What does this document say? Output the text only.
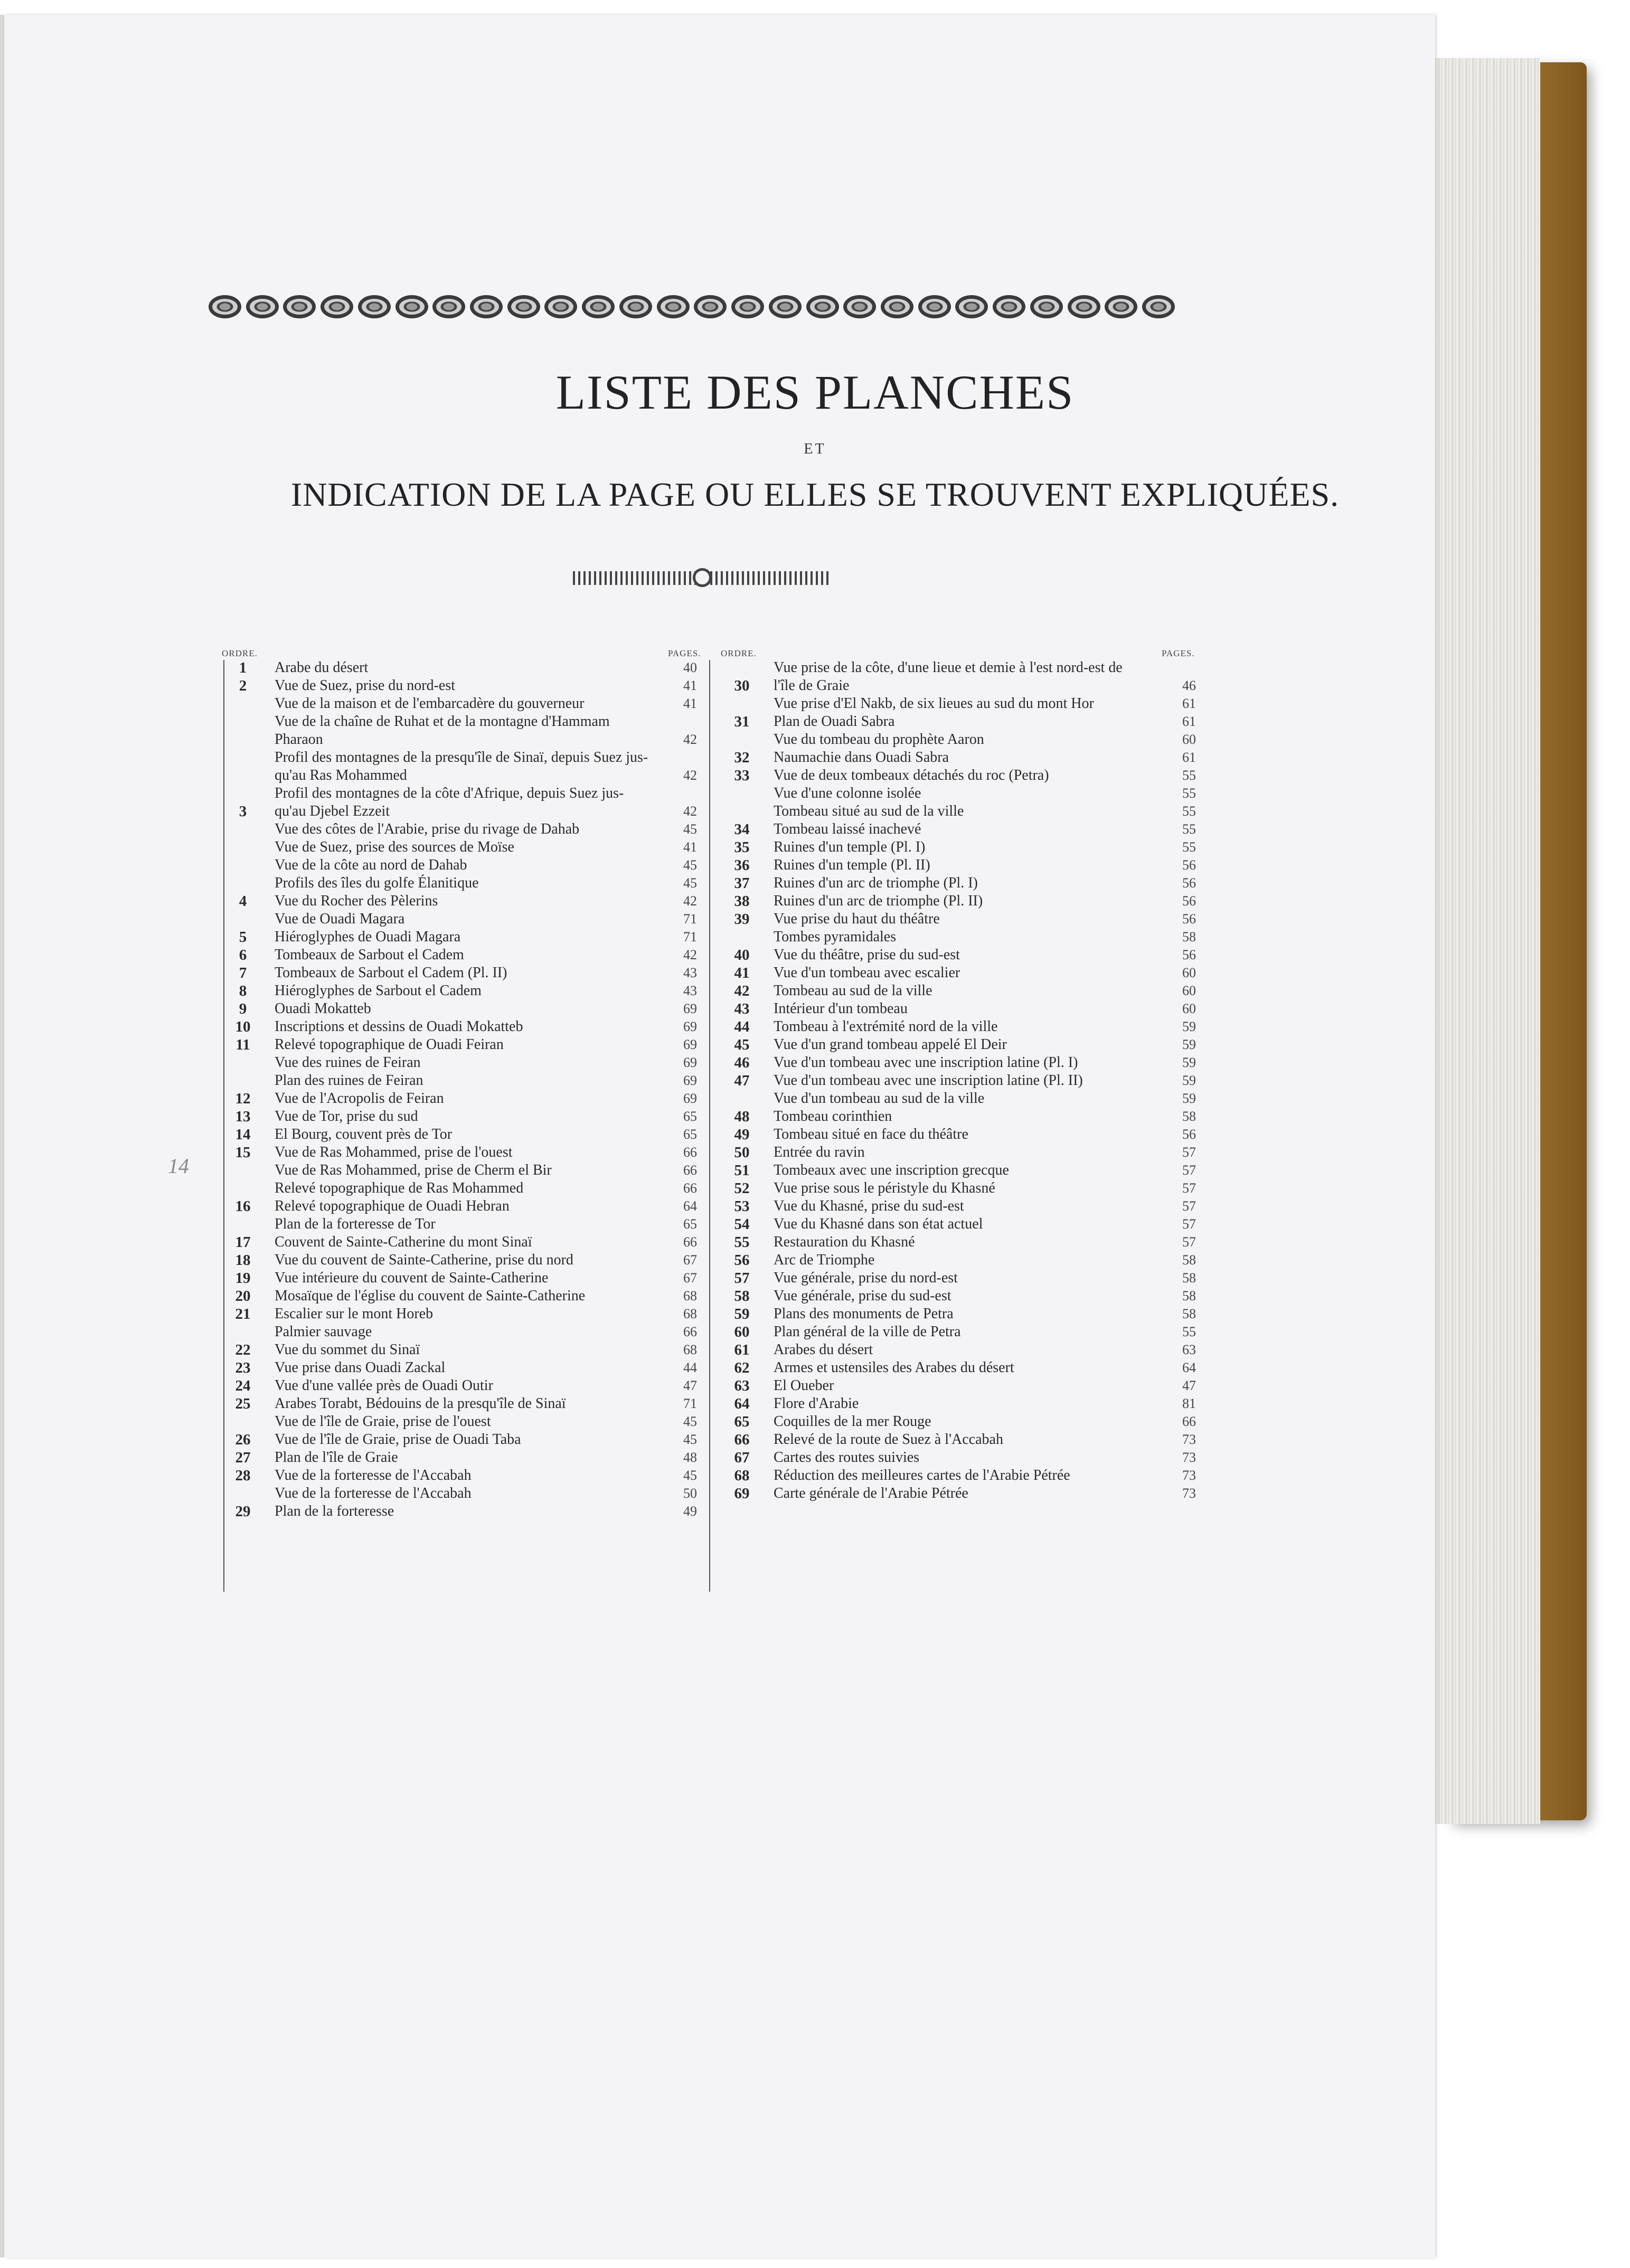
LISTE DES PLANCHES
ET
INDICATION DE LA PAGE OU ELLES SE TROUVENT EXPLIQUÉES.
ORDRE.	PAGES. ORDRE.	PAGES.
1	Arabe du désert	40
2	Vue de Suez, prise du nord-est	41
	Vue de la maison et de l'embarcadère du gouverneur	41
	Vue de la chaîne de Ruhat et de la montagne d'Hammam	
	Pharaon	42
	Profil des montagnes de la presqu'île de Sinaï, depuis Suez jus-	
	qu'au Ras Mohammed	42
	Profil des montagnes de la côte d'Afrique, depuis Suez jus-	
3	qu'au Djebel Ezzeit	42
	Vue des côtes de l'Arabie, prise du rivage de Dahab	45
	Vue de Suez, prise des sources de Moïse	41
	Vue de la côte au nord de Dahab	45
	Profils des îles du golfe Élanitique	45
4	Vue du Rocher des Pèlerins	42
	Vue de Ouadi Magara	71
5	Hiéroglyphes de Ouadi Magara	71
6	Tombeaux de Sarbout el Cadem	42
7	Tombeaux de Sarbout el Cadem (Pl. II)	43
8	Hiéroglyphes de Sarbout el Cadem	43
9	Ouadi Mokatteb	69
10	Inscriptions et dessins de Ouadi Mokatteb	69
11	Relevé topographique de Ouadi Feiran	69
	Vue des ruines de Feiran	69
	Plan des ruines de Feiran	69
12	Vue de l'Acropolis de Feiran	69
13	Vue de Tor, prise du sud	65
14	El Bourg, couvent près de Tor	65
15	Vue de Ras Mohammed, prise de l'ouest	66
	Vue de Ras Mohammed, prise de Cherm el Bir	66
	Relevé topographique de Ras Mohammed	66
16	Relevé topographique de Ouadi Hebran	64
	Plan de la forteresse de Tor	65
17	Couvent de Sainte-Catherine du mont Sinaï	66
18	Vue du couvent de Sainte-Catherine, prise du nord	67
19	Vue intérieure du couvent de Sainte-Catherine	67
20	Mosaïque de l'église du couvent de Sainte-Catherine	68
21	Escalier sur le mont Horeb	68
	Palmier sauvage	66
22	Vue du sommet du Sinaï	68
23	Vue prise dans Ouadi Zackal	44
24	Vue d'une vallée près de Ouadi Outir	47
25	Arabes Torabt, Bédouins de la presqu'île de Sinaï	71
	Vue de l'île de Graie, prise de l'ouest	45
26	Vue de l'île de Graie, prise de Ouadi Taba	45
27	Plan de l'île de Graie	48
28	Vue de la forteresse de l'Accabah	45
	Vue de la forteresse de l'Accabah	50
29	Plan de la forteresse	49
	Vue prise de la côte, d'une lieue et demie à l'est nord-est de	
30	l'île de Graie	46
	Vue prise d'El Nakb, de six lieues au sud du mont Hor	61
31	Plan de Ouadi Sabra	61
	Vue du tombeau du prophète Aaron	60
32	Naumachie dans Ouadi Sabra	61
33	Vue de deux tombeaux détachés du roc (Petra)	55
	Vue d'une colonne isolée	55
	Tombeau situé au sud de la ville	55
34	Tombeau laissé inachevé	55
35	Ruines d'un temple (Pl. I)	55
36	Ruines d'un temple (Pl. II)	56
37	Ruines d'un arc de triomphe (Pl. I)	56
38	Ruines d'un arc de triomphe (Pl. II)	56
39	Vue prise du haut du théâtre	56
	Tombes pyramidales	58
40	Vue du théâtre, prise du sud-est	56
41	Vue d'un tombeau avec escalier	60
42	Tombeau au sud de la ville	60
43	Intérieur d'un tombeau	60
44	Tombeau à l'extrémité nord de la ville	59
45	Vue d'un grand tombeau appelé El Deir	59
46	Vue d'un tombeau avec une inscription latine (Pl. I)	59
47	Vue d'un tombeau avec une inscription latine (Pl. II)	59
	Vue d'un tombeau au sud de la ville	59
48	Tombeau corinthien	58
49	Tombeau situé en face du théâtre	56
50	Entrée du ravin	57
51	Tombeaux avec une inscription grecque	57
52	Vue prise sous le péristyle du Khasné	57
53	Vue du Khasné, prise du sud-est	57
54	Vue du Khasné dans son état actuel	57
55	Restauration du Khasné	57
56	Arc de Triomphe	58
57	Vue générale, prise du nord-est	58
58	Vue générale, prise du sud-est	58
59	Plans des monuments de Petra	58
60	Plan général de la ville de Petra	55
61	Arabes du désert	63
62	Armes et ustensiles des Arabes du désert	64
63	El Oueber	47
64	Flore d'Arabie	81
65	Coquilles de la mer Rouge	66
66	Relevé de la route de Suez à l'Accabah	73
67	Cartes des routes suivies	73
68	Réduction des meilleures cartes de l'Arabie Pétrée	73
69	Carte générale de l'Arabie Pétrée	73
14
